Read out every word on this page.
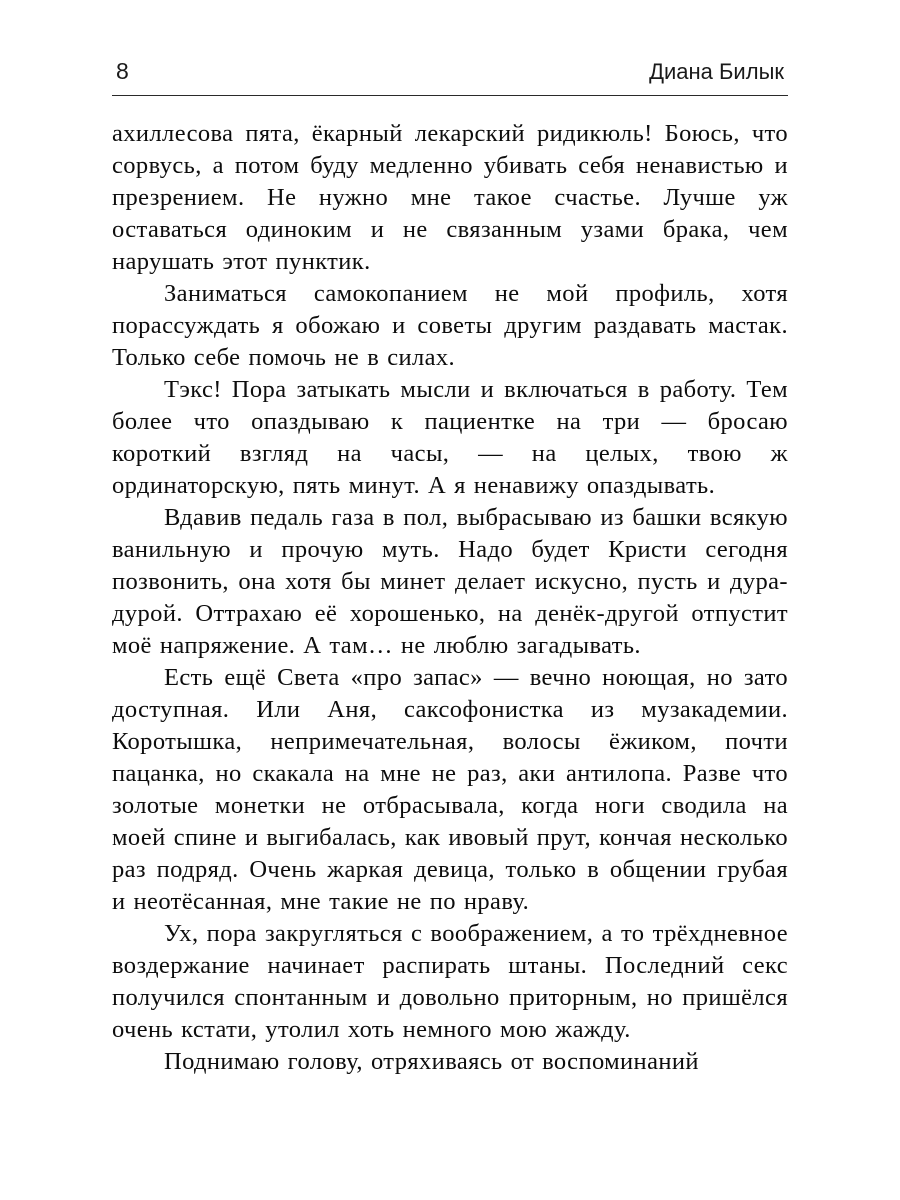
8	Диана Билык

ахиллесова пята, ёкарный лекарский ридикюль! Боюсь, что сорвусь, а потом буду медленно убивать себя ненавистью и презрением. Не нужно мне такое счастье. Лучше уж оставаться одиноким и не связанным узами брака, чем нарушать этот пунктик.

Заниматься самокопанием не мой профиль, хотя порассуждать я обожаю и советы другим раздавать мастак. Только себе помочь не в силах.

Тэкс! Пора затыкать мысли и включаться в работу. Тем более что опаздываю к пациентке на три — бросаю короткий взгляд на часы, — на целых, твою ж ординаторскую, пять минут. А я ненавижу опаздывать.

Вдавив педаль газа в пол, выбрасываю из башки всякую ванильную и прочую муть. Надо будет Кристи сегодня позвонить, она хотя бы минет делает искусно, пусть и дура-дурой. Оттрахаю её хорошенько, на денёк-другой отпустит моё напряжение. А там… не люблю загадывать.

Есть ещё Света «про запас» — вечно ноющая, но зато доступная. Или Аня, саксофонистка из музакадемии. Коротышка, непримечательная, волосы ёжиком, почти пацанка, но скакала на мне не раз, аки антилопа. Разве что золотые монетки не отбрасывала, когда ноги сводила на моей спине и выгибалась, как ивовый прут, кончая несколько раз подряд. Очень жаркая девица, только в общении грубая и неотёсанная, мне такие не по нраву.

Ух, пора закругляться с воображением, а то трёхдневное воздержание начинает распирать штаны. Последний секс получился спонтанным и довольно приторным, но пришёлся очень кстати, утолил хоть немного мою жажду.

Поднимаю голову, отряхиваясь от воспоминаний
